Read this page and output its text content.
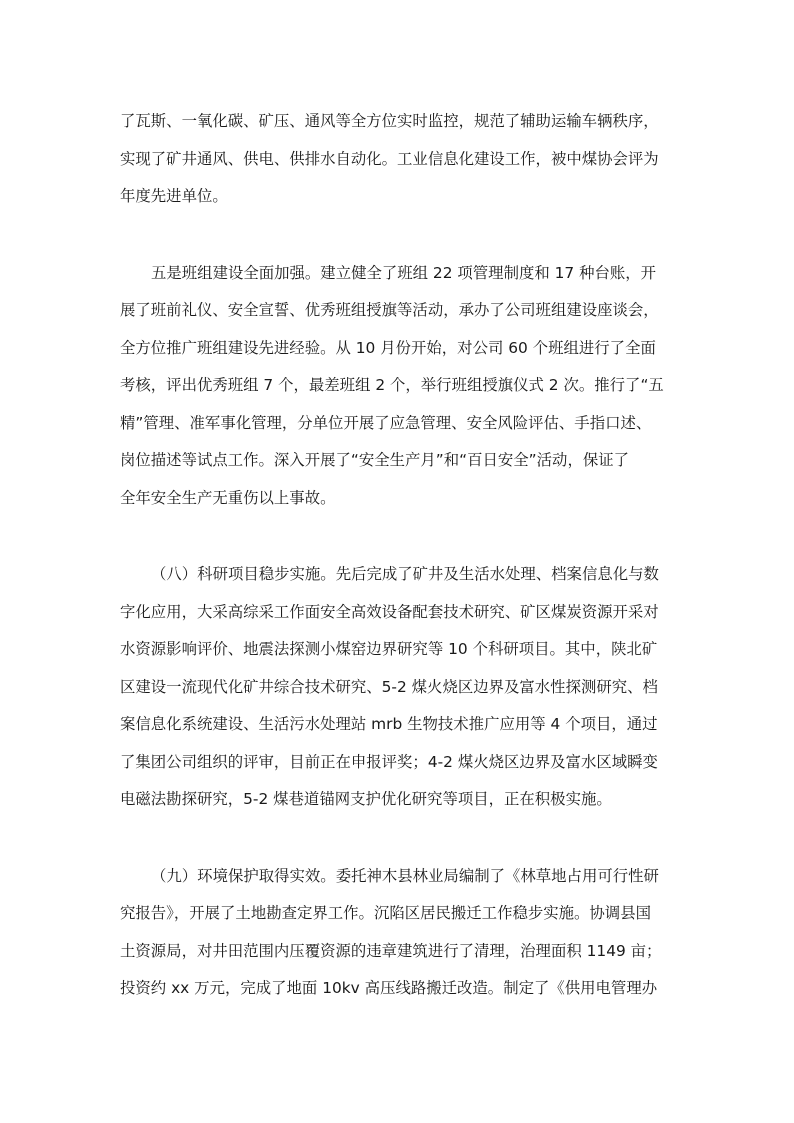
了瓦斯、一氧化碳、矿压、通风等全方位实时监控，规范了辅助运输车辆秩序，
实现了矿井通风、供电、供排水自动化。工业信息化建设工作，被中煤协会评为
年度先进单位。

五是班组建设全面加强。建立健全了班组 22 项管理制度和 17 种台账，开
展了班前礼仪、安全宣誓、优秀班组授旗等活动，承办了公司班组建设座谈会，
全方位推广班组建设先进经验。从 10 月份开始，对公司 60 个班组进行了全面
考核，评出优秀班组 7 个，最差班组 2 个，举行班组授旗仪式 2 次。推行了“五
精”管理、准军事化管理，分单位开展了应急管理、安全风险评估、手指口述、
岗位描述等试点工作。深入开展了“安全生产月”和“百日安全”活动，保证了
全年安全生产无重伤以上事故。

（八）科研项目稳步实施。先后完成了矿井及生活水处理、档案信息化与数
字化应用，大采高综采工作面安全高效设备配套技术研究、矿区煤炭资源开采对
水资源影响评价、地震法探测小煤窑边界研究等 10 个科研项目。其中，陕北矿
区建设一流现代化矿井综合技术研究、5-2 煤火烧区边界及富水性探测研究、档
案信息化系统建设、生活污水处理站 mrb 生物技术推广应用等 4 个项目，通过
了集团公司组织的评审，目前正在申报评奖；4-2 煤火烧区边界及富水区域瞬变
电磁法勘探研究，5-2 煤巷道锚网支护优化研究等项目，正在积极实施。

（九）环境保护取得实效。委托神木县林业局编制了《林草地占用可行性研
究报告》，开展了土地勘查定界工作。沉陷区居民搬迁工作稳步实施。协调县国
土资源局，对井田范围内压覆资源的违章建筑进行了清理，治理面积 1149 亩；
投资约 xx 万元，完成了地面 10kv 高压线路搬迁改造。制定了《供用电管理办
